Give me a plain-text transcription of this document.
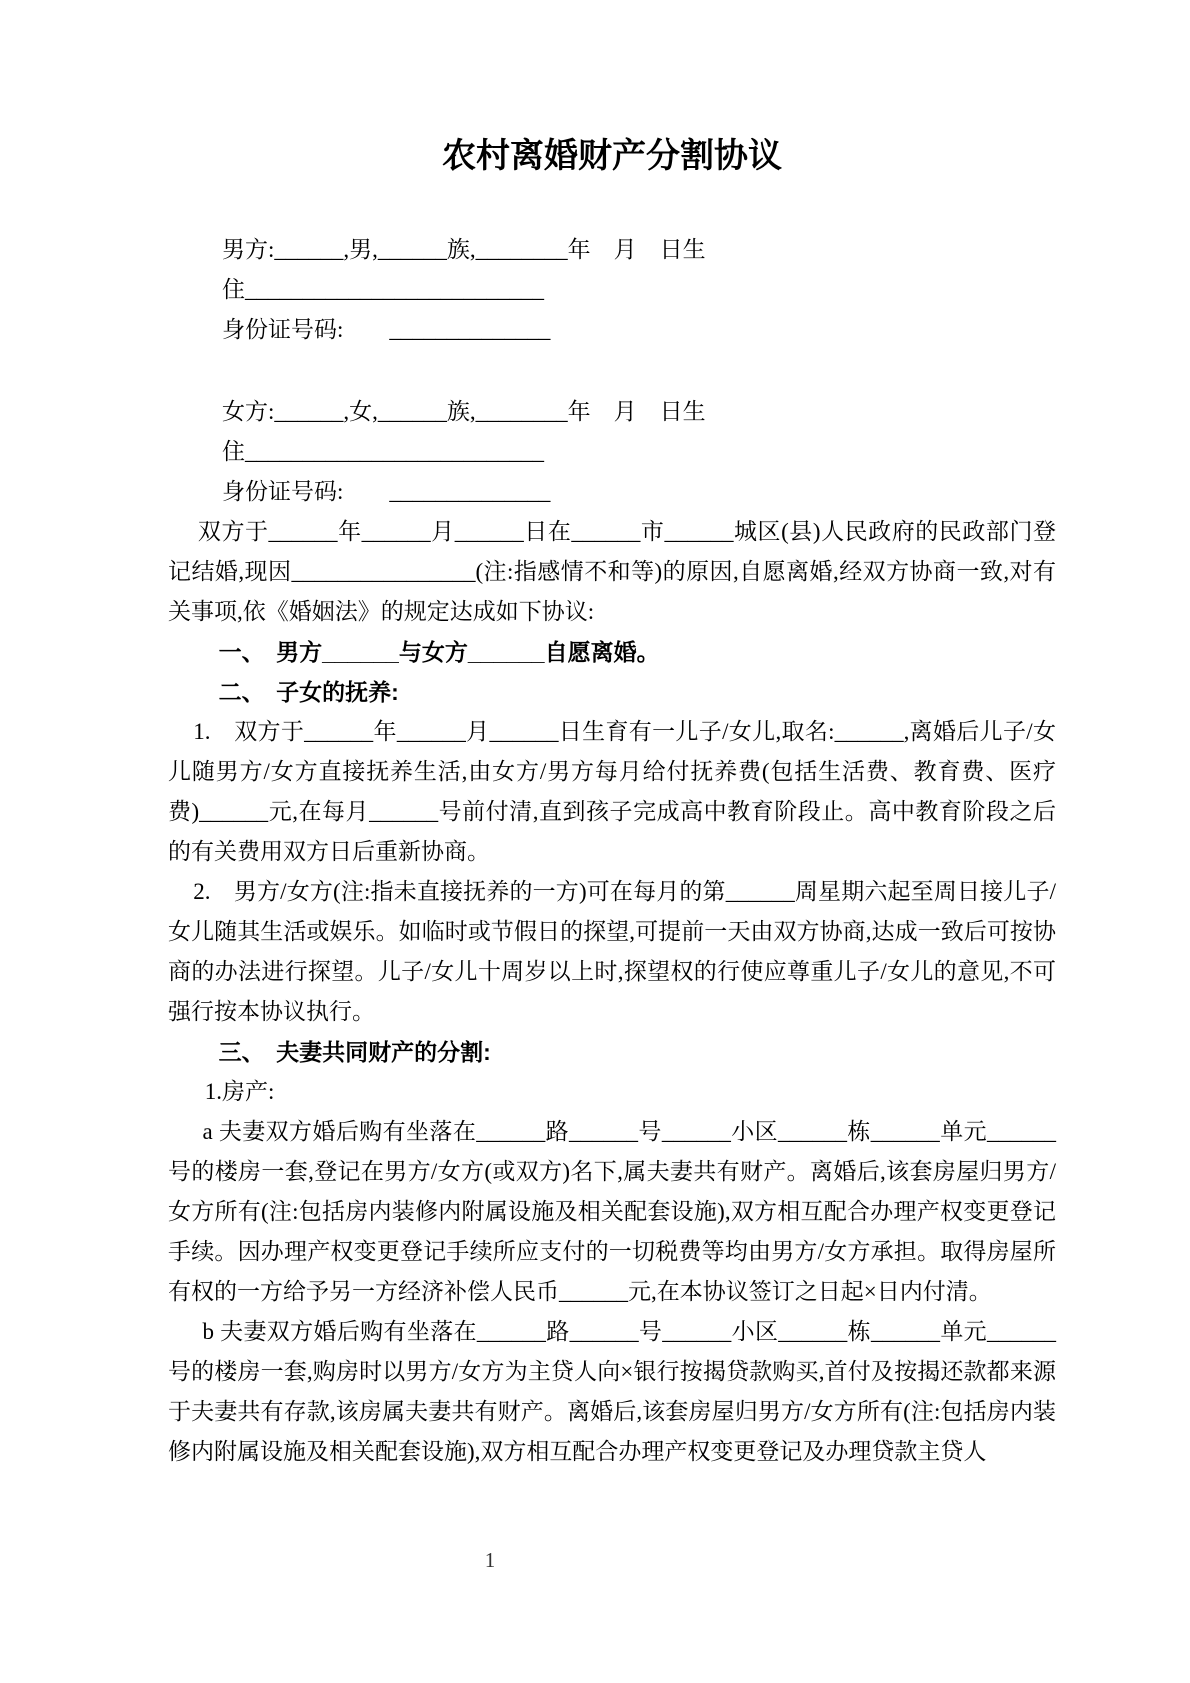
农村离婚财产分割协议
男方:______,男,______族,________年　月　日生
住__________________________
身份证号码:　　______________
女方:______,女,______族,________年　月　日生
住__________________________
身份证号码:　　______________

双方于______年______月______日在______市______城区(县)人民政府的民政部门登记结婚,现因________________(注:指感情不和等)的原因,自愿离婚,经双方协商一致,对有关事项,依《婚姻法》的规定达成如下协议:

一、　男方______与女方______自愿离婚。

二、　子女的抚养:

1.　双方于______年______月______日生育有一儿子/女儿,取名:______,离婚后儿子/女儿随男方/女方直接抚养生活,由女方/男方每月给付抚养费(包括生活费、教育费、医疗费)______元,在每月______号前付清,直到孩子完成高中教育阶段止。高中教育阶段之后的有关费用双方日后重新协商。

2.　男方/女方(注:指未直接抚养的一方)可在每月的第______周星期六起至周日接儿子/女儿随其生活或娱乐。如临时或节假日的探望,可提前一天由双方协商,达成一致后可按协商的办法进行探望。儿子/女儿十周岁以上时,探望权的行使应尊重儿子/女儿的意见,不可强行按本协议执行。

三、　夫妻共同财产的分割:

1.房产:

a 夫妻双方婚后购有坐落在______路______号______小区______栋______单元______号的楼房一套,登记在男方/女方(或双方)名下,属夫妻共有财产。离婚后,该套房屋归男方/女方所有(注:包括房内装修内附属设施及相关配套设施),双方相互配合办理产权变更登记手续。因办理产权变更登记手续所应支付的一切税费等均由男方/女方承担。取得房屋所有权的一方给予另一方经济补偿人民币______元,在本协议签订之日起×日内付清。

b 夫妻双方婚后购有坐落在______路______号______小区______栋______单元______号的楼房一套,购房时以男方/女方为主贷人向×银行按揭贷款购买,首付及按揭还款都来源于夫妻共有存款,该房属夫妻共有财产。离婚后,该套房屋归男方/女方所有(注:包括房内装修内附属设施及相关配套设施),双方相互配合办理产权变更登记及办理贷款主贷人

1
